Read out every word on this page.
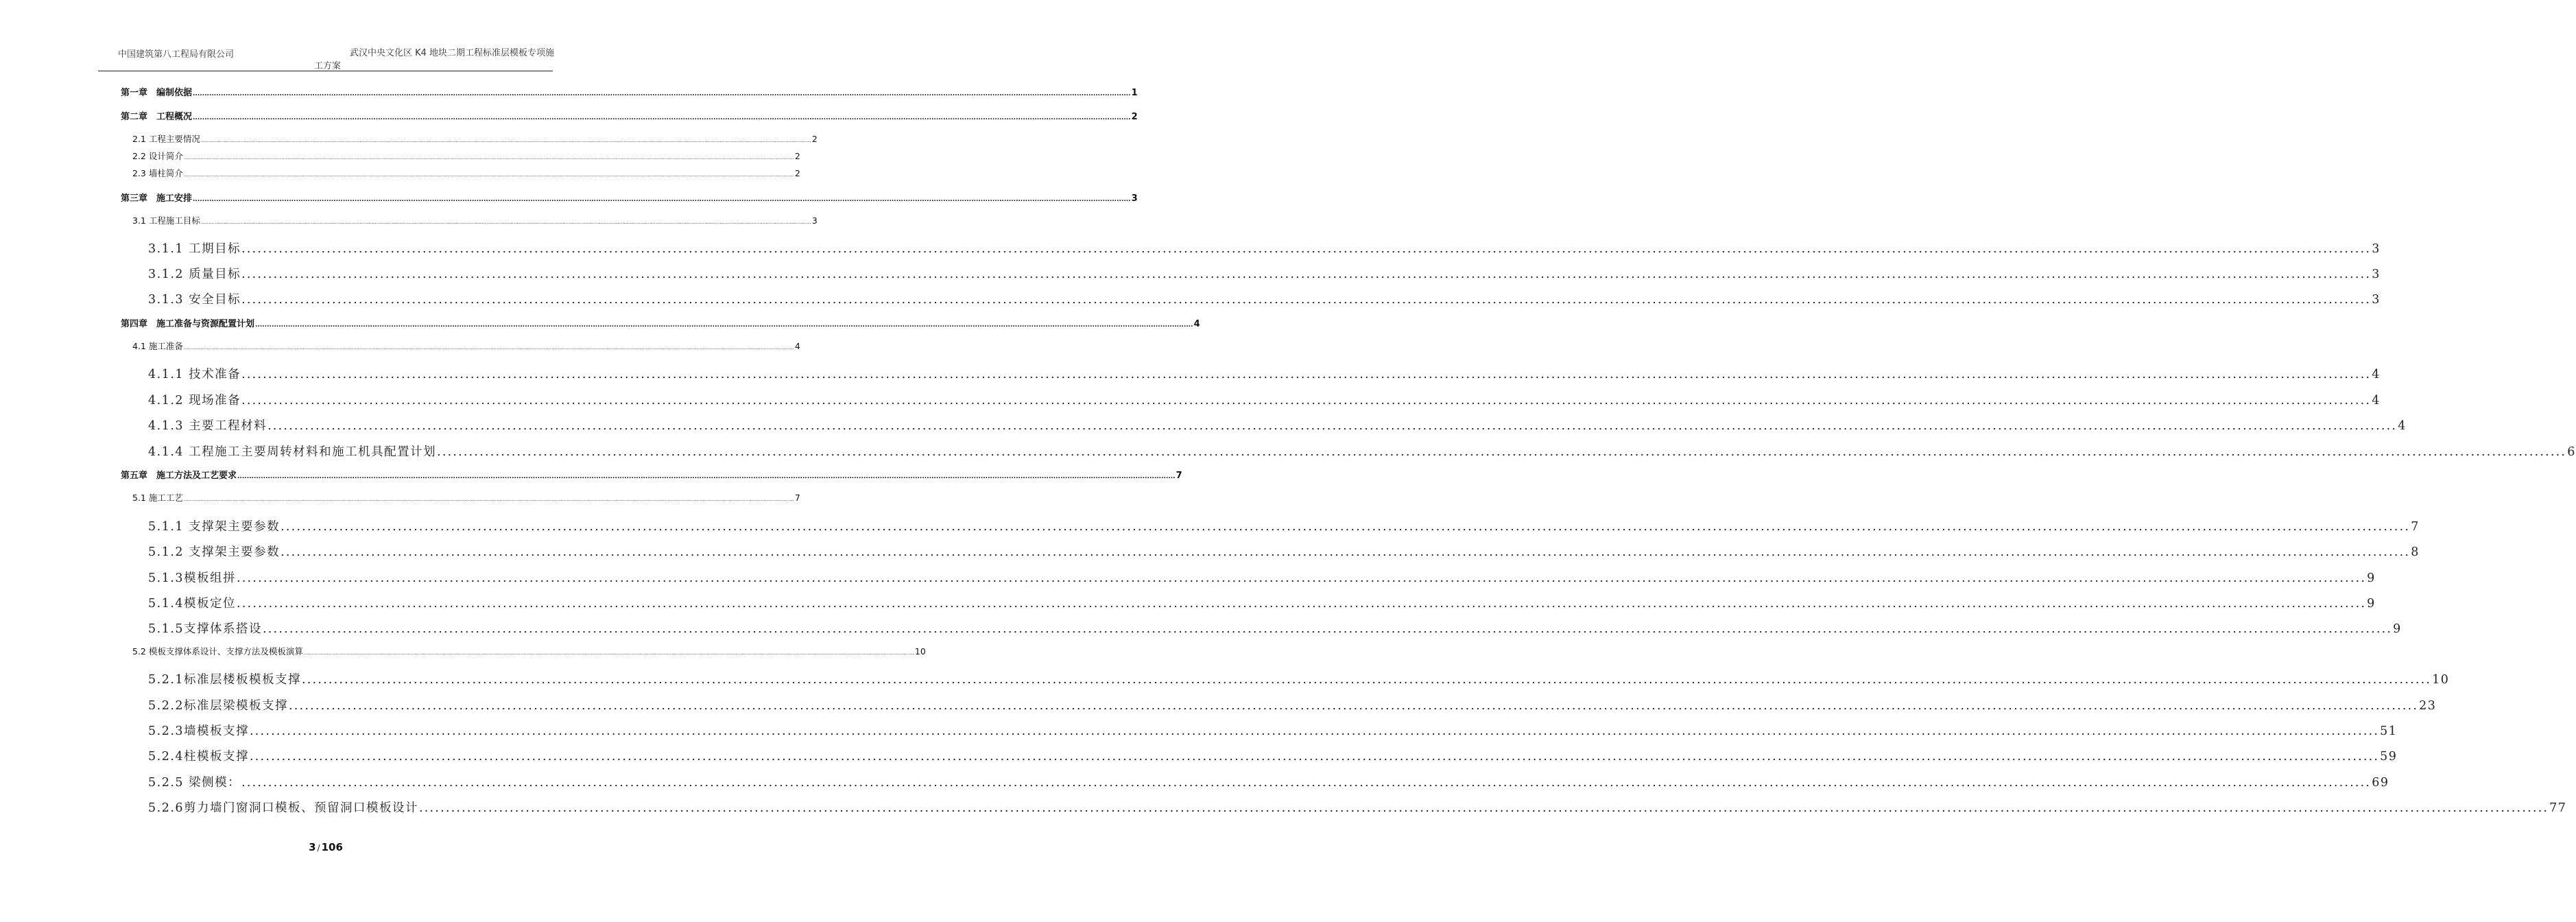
中国建筑第八工程局有限公司	武汉中央文化区 K4 地块二期工程标准层模板专项施
工方案
第一章　编制依据 ................................................................................................................................................................................................................................................................................................................................................................................................................ 1
第二章　工程概况 ................................................................................................................................................................................................................................................................................................................................................................................................................ 2
2.1 工程主要情况 ................................................................................................................................................................................................................................................................................................................................................................................................................ 2
2.2 设计简介 ................................................................................................................................................................................................................................................................................................................................................................................................................ 2
2.3 墙柱简介 ................................................................................................................................................................................................................................................................................................................................................................................................................ 2
第三章　施工安排 ................................................................................................................................................................................................................................................................................................................................................................................................................ 3
3.1 工程施工目标 ................................................................................................................................................................................................................................................................................................................................................................................................................ 3
3.1.1 工期目标 ................................................................................................................................................................................................................................................................................................................................................................................................................ 3
3.1.2 质量目标 ................................................................................................................................................................................................................................................................................................................................................................................................................ 3
3.1.3 安全目标 ................................................................................................................................................................................................................................................................................................................................................................................................................ 3
第四章　施工准备与资源配置计划 ................................................................................................................................................................................................................................................................................................................................................................................................................ 4
4.1 施工准备 ................................................................................................................................................................................................................................................................................................................................................................................................................ 4
4.1.1 技术准备 ................................................................................................................................................................................................................................................................................................................................................................................................................ 4
4.1.2 现场准备 ................................................................................................................................................................................................................................................................................................................................................................................................................ 4
4.1.3 主要工程材料 ................................................................................................................................................................................................................................................................................................................................................................................................................ 4
4.1.4 工程施工主要周转材料和施工机具配置计划 ................................................................................................................................................................................................................................................................................................................................................................................................................ 6
第五章　施工方法及工艺要求 ................................................................................................................................................................................................................................................................................................................................................................................................................ 7
5.1 施工工艺 ................................................................................................................................................................................................................................................................................................................................................................................................................ 7
5.1.1 支撑架主要参数 ................................................................................................................................................................................................................................................................................................................................................................................................................ 7
5.1.2 支撑架主要参数 ................................................................................................................................................................................................................................................................................................................................................................................................................ 8
5.1.3模板组拼 ................................................................................................................................................................................................................................................................................................................................................................................................................ 9
5.1.4模板定位 ................................................................................................................................................................................................................................................................................................................................................................................................................ 9
5.1.5支撑体系搭设 ................................................................................................................................................................................................................................................................................................................................................................................................................ 9
5.2 模板支撑体系设计、支撑方法及模板演算 ................................................................................................................................................................................................................................................................................................................................................................................................................ 10
5.2.1标准层楼板模板支撑 ................................................................................................................................................................................................................................................................................................................................................................................................................ 10
5.2.2标准层梁模板支撑 ................................................................................................................................................................................................................................................................................................................................................................................................................ 23
5.2.3墙模板支撑 ................................................................................................................................................................................................................................................................................................................................................................................................................ 51
5.2.4柱模板支撑 ................................................................................................................................................................................................................................................................................................................................................................................................................ 59
5.2.5 梁侧模： ................................................................................................................................................................................................................................................................................................................................................................................................................ 69
5.2.6剪力墙门窗洞口模板、预留洞口模板设计 ................................................................................................................................................................................................................................................................................................................................................................................................................ 77
3 / 106
